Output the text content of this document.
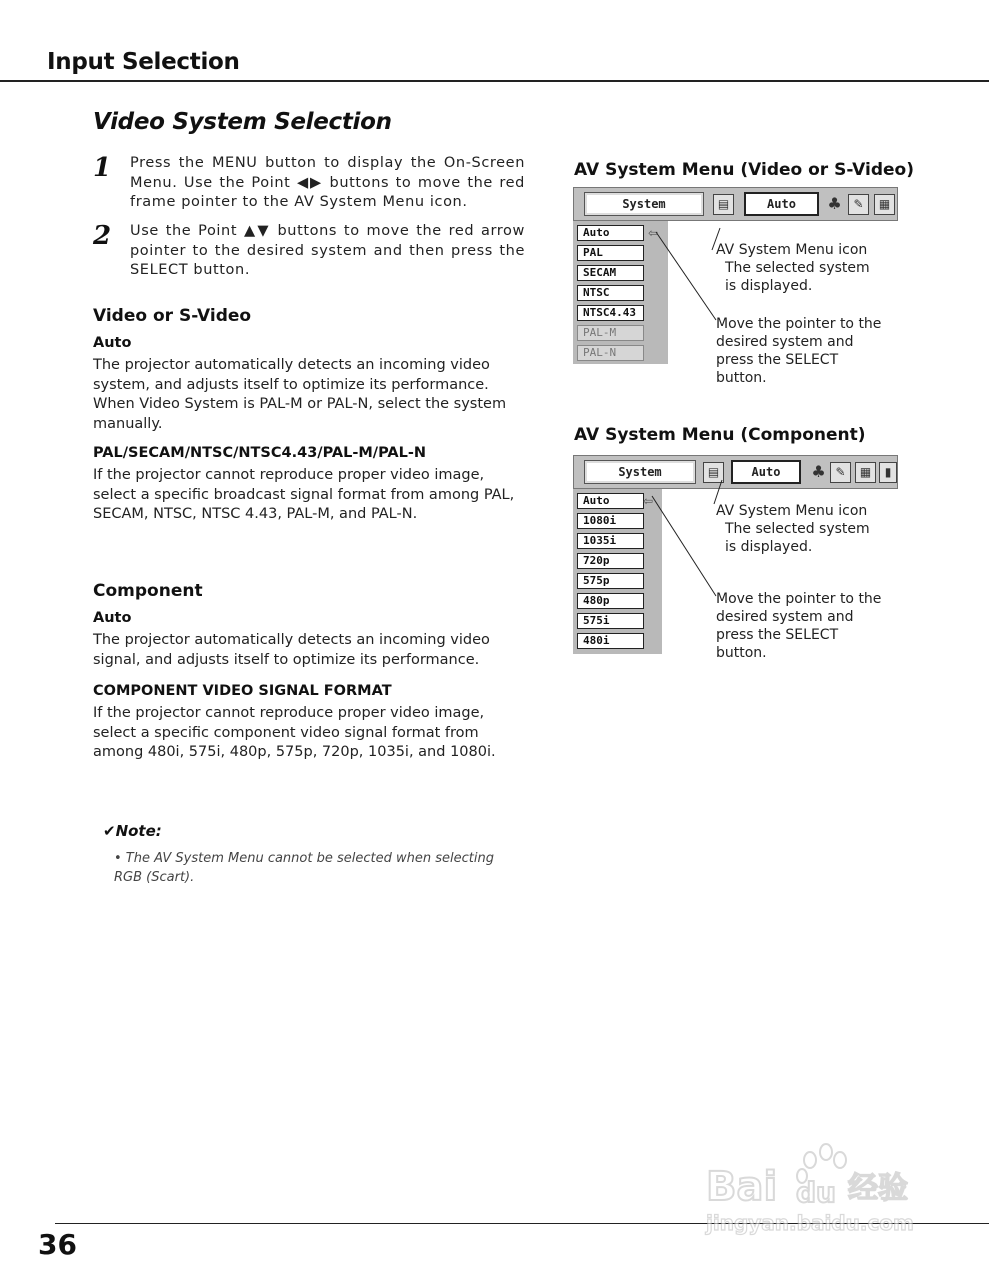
Input Selection
Video System Selection
1 Press the MENU button to display the On-Screen Menu. Use the Point ◀▶ buttons to move the red frame pointer to the AV System Menu icon.
2 Use the Point ▲▼ buttons to move the red arrow pointer to the desired system and then press the SELECT button.
Video or S-Video
Auto
The projector automatically detects an incoming video system, and adjusts itself to optimize its performance. When Video System is PAL-M or PAL-N, select the system manually.
PAL/SECAM/NTSC/NTSC4.43/PAL-M/PAL-N
If the projector cannot reproduce proper video image, select a specific broadcast signal format from among PAL, SECAM, NTSC, NTSC 4.43, PAL-M, and PAL-N.
Component
Auto
The projector automatically detects an incoming video signal, and adjusts itself to optimize its performance.
COMPONENT VIDEO SIGNAL FORMAT
If the projector cannot reproduce proper video image, select a specific component video signal format from among 480i, 575i, 480p, 575p, 720p, 1035i, and 1080i.
AV System Menu (Video or S-Video)
System	▤	Auto	♣ ✎	▦
Auto
PAL
SECAM
NTSC
NTSC4.43
PAL-M
PAL-N
⇦
AV System Menu icon
The selected system is displayed.
Move the pointer to the desired system and press the SELECT button.
AV System Menu (Component)
System	▤	Auto	♣ ✎	▦	▮
Auto
1080i
1035i
720p
575p
480p
575i
480i
⇦
AV System Menu icon
The selected system is displayed.
Move the pointer to the desired system and press the SELECT button.
✔Note:
• The AV System Menu cannot be selected when selecting RGB (Scart).
36
Bai du 经验
jingyan.baidu.com
